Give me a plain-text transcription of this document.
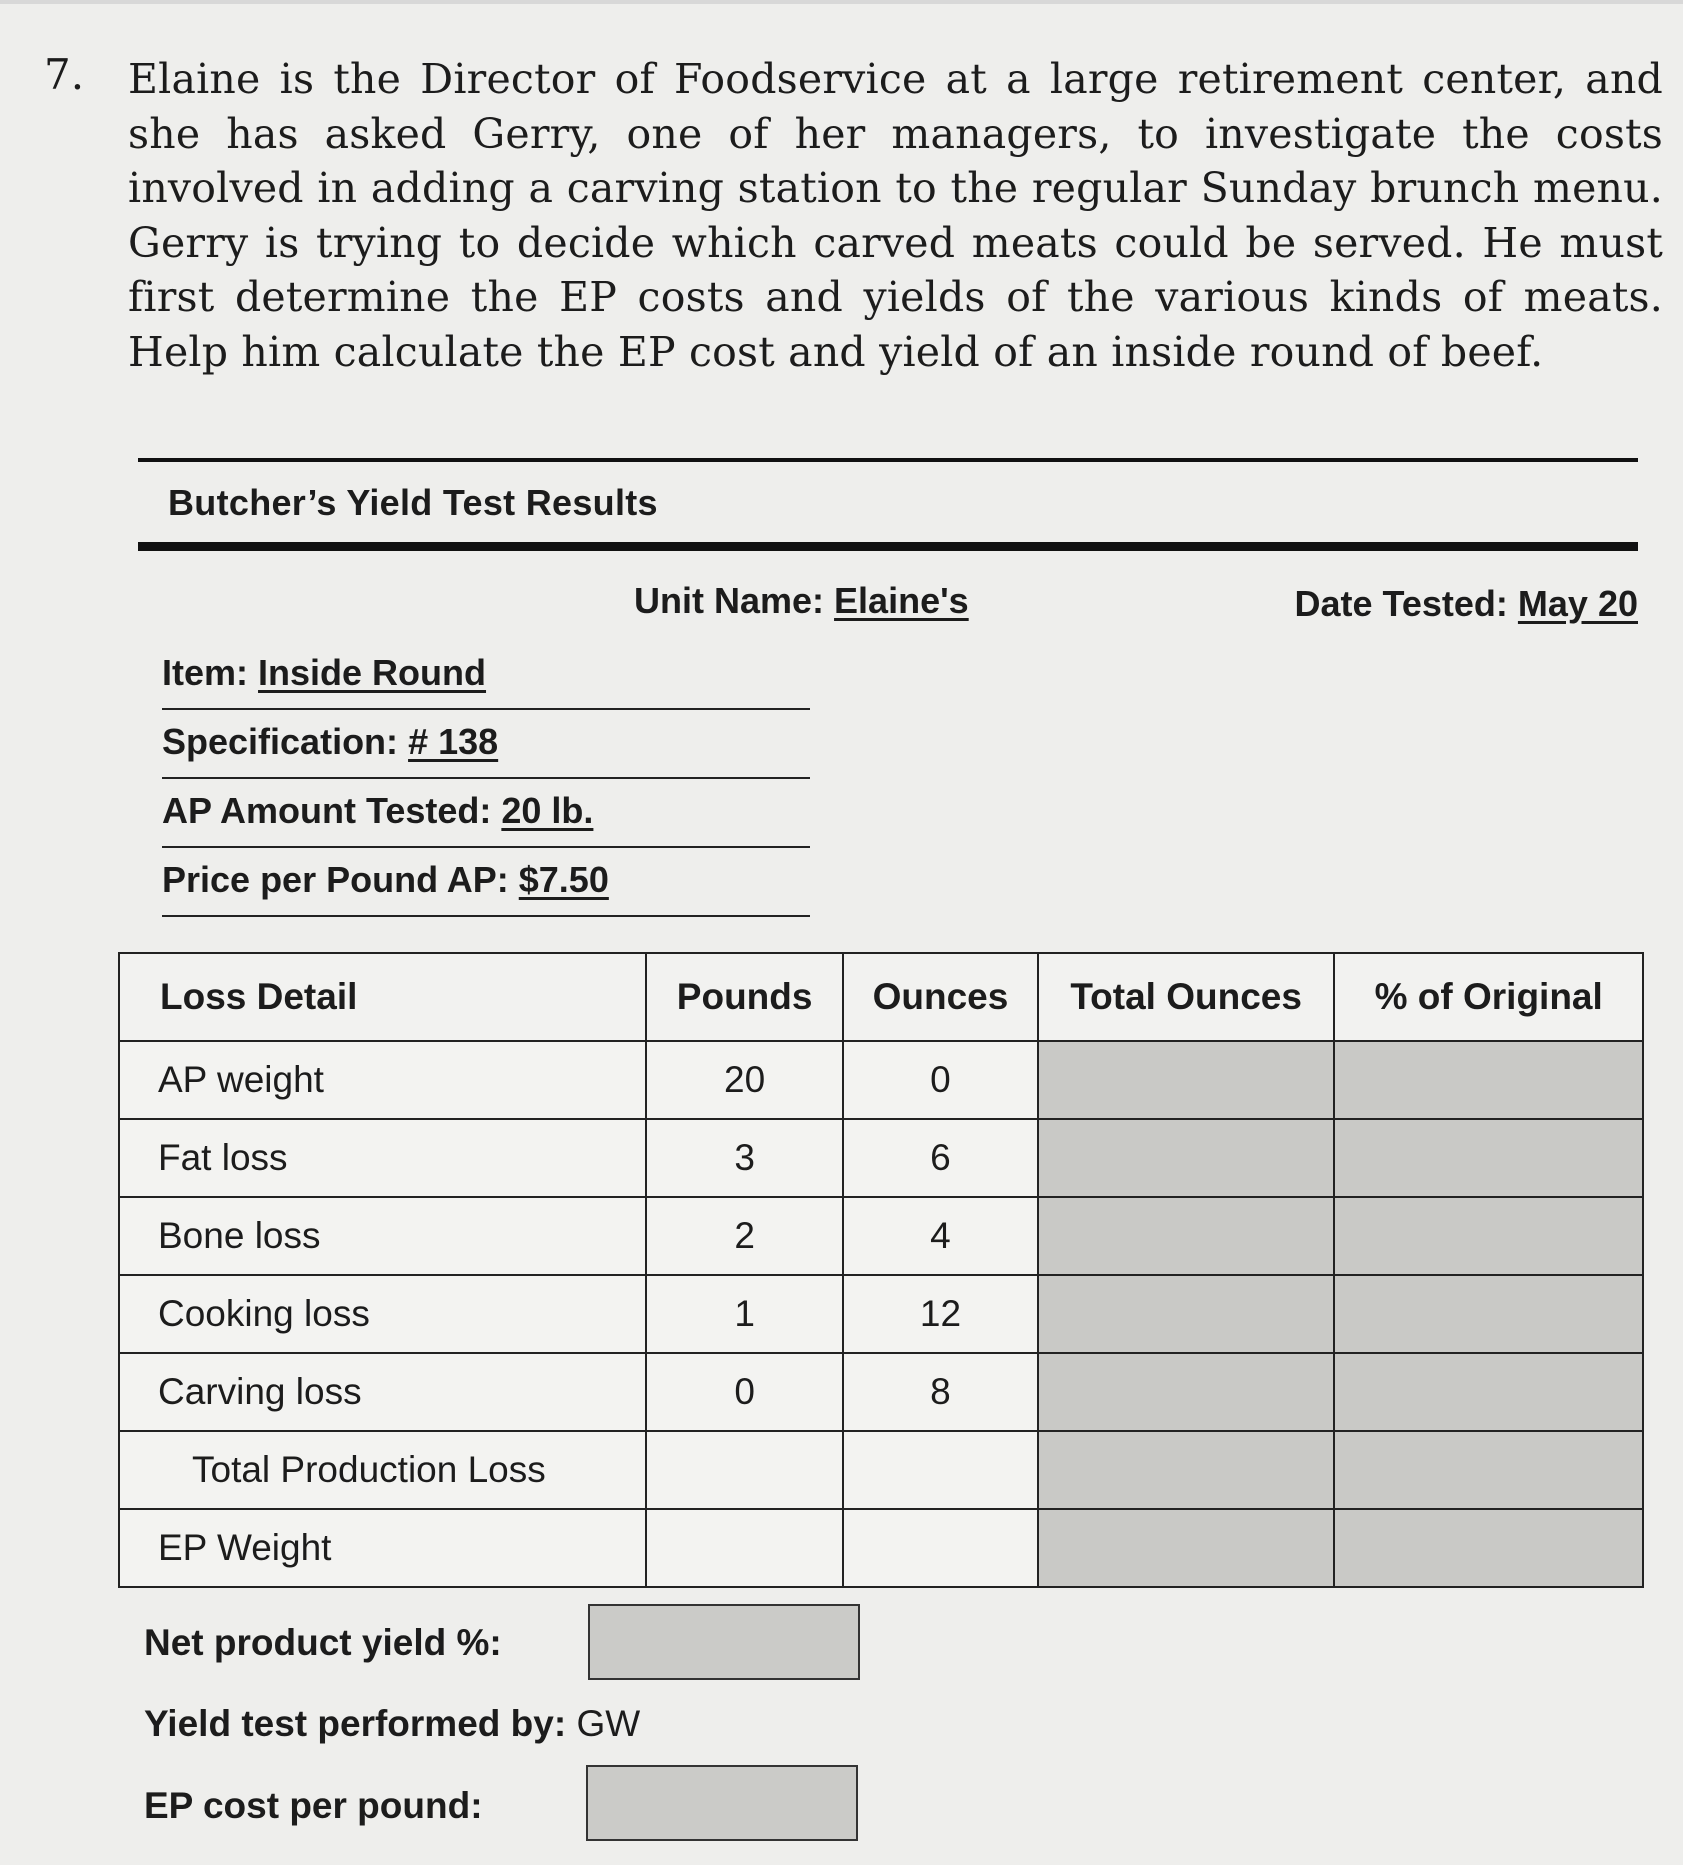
7. Elaine is the Director of Foodservice at a large retirement center, and she has asked Gerry, one of her managers, to investigate the costs involved in adding a carving station to the regular Sunday brunch menu. Gerry is trying to decide which carved meats could be served. He must first determine the EP costs and yields of the various kinds of meats. Help him calculate the EP cost and yield of an inside round of beef.
Butcher’s Yield Test Results
Unit Name: Elaine's	Date Tested: May 20
Item: Inside Round
Specification: # 138
AP Amount Tested: 20 lb.
Price per Pound AP: $7.50
Loss Detail	Pounds	Ounces	Total Ounces	% of Original
AP weight	20	0		
Fat loss	3	6		
Bone loss	2	4		
Cooking loss	1	12		
Carving loss	0	8		
Total Production Loss				
EP Weight				
Net product yield %:
Yield test performed by: GW
EP cost per pound:
